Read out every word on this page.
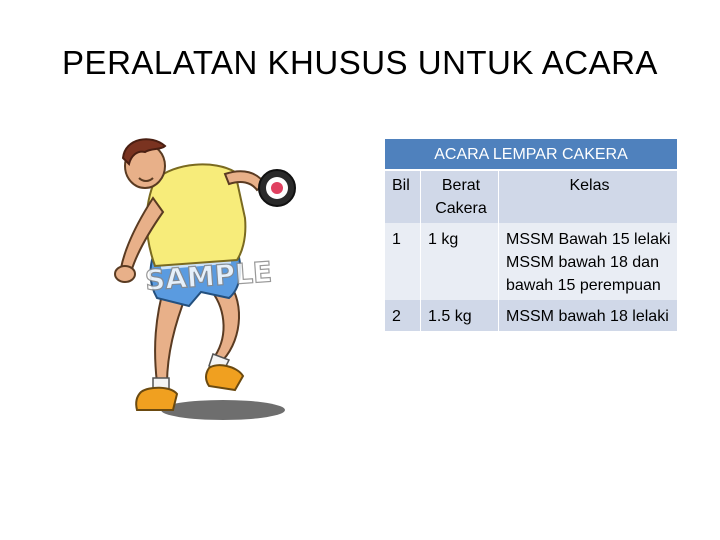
PERALATAN KHUSUS UNTUK ACARA
SAMPLE
ACARA LEMPAR CAKERA		
Bil	Berat Cakera	Kelas
1	1 kg	MSSM Bawah 15 lelaki MSSM bawah 18 dan bawah 15 perempuan
2	1.5 kg	MSSM bawah 18 lelaki
